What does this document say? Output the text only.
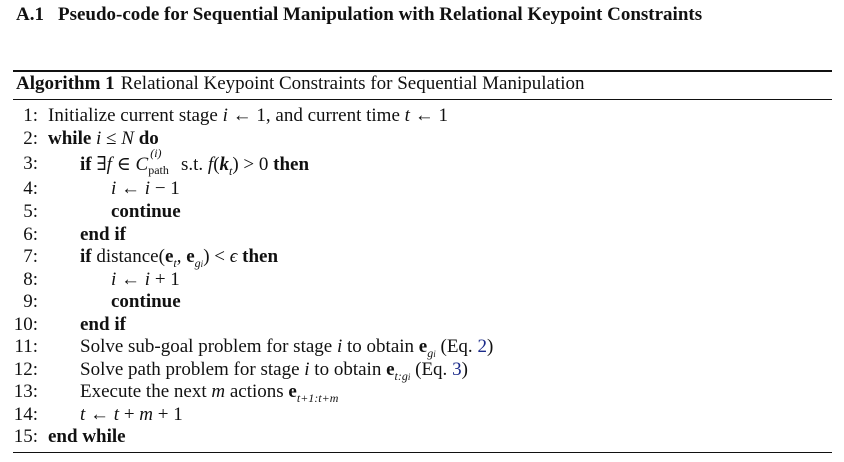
A.1 Pseudo-code for Sequential Manipulation with Relational Keypoint Constraints
Algorithm 1 Relational Keypoint Constraints for Sequential Manipulation
1: Initialize current stage i ← 1, and current time t ← 1
2: while i ≤ N do
3: if ∃f ∈ C
(i)
path s.t. $f(k_t) > 0$ then
4:	i ← i − 1
5:	continue
6: end if
7: if $distance(e_t$, $e_{gi}) < \epsilon$ then
8:	i ← i + 1
9:	continue
10: end if
11: Solve sub-goal problem for stage i to obtain $e_{gi}$ (Eq. 2)
12: Solve path problem for stage i to obtain $e_{t:gi}$ (Eq. 3)
13: Execute the next m actions $e_{t+1:t+m}$
14: t ← t + m + 1
15: end while
